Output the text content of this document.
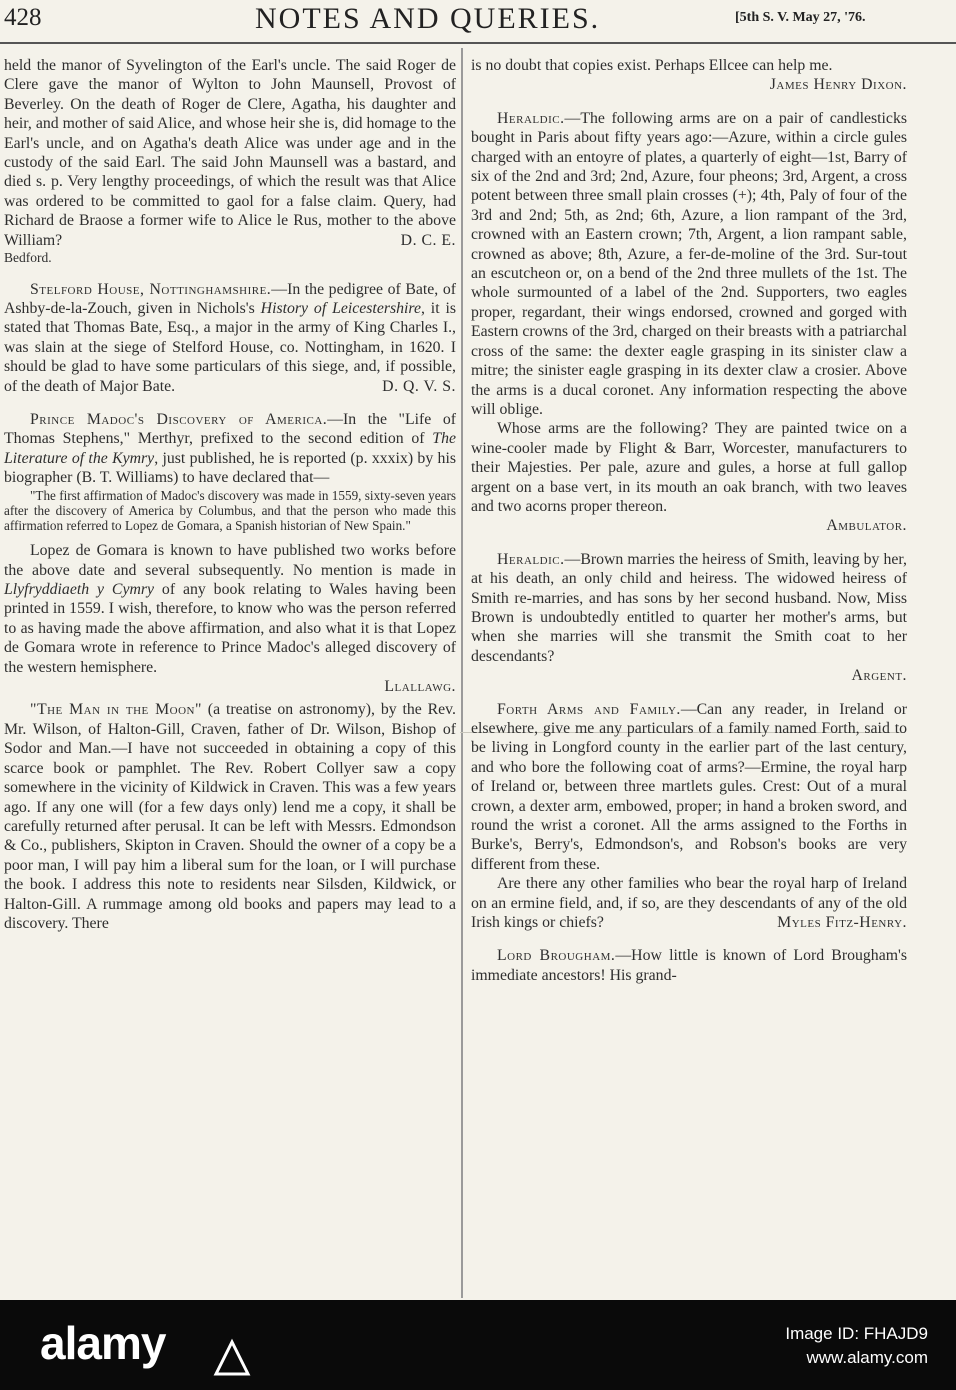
428	NOTES AND QUERIES.	[5th S. V. May 27, '76.

held the manor of Syvelington of the Earl's uncle. The said Roger de Clere gave the manor of Wylton to John Maunsell, Provost of Beverley. On the death of Roger de Clere, Agatha, his daughter and heir, and mother of said Alice, and whose heir she is, did homage to the Earl's uncle, and on Agatha's death Alice was under age and in the custody of the said Earl. The said John Maunsell was a bastard, and died s. p. Very lengthy proceedings, of which the result was that Alice was ordered to be committed to gaol for a false claim. Query, had Richard de Braose a former wife to Alice le Rus, mother to the above William?	D. C. E.

Bedford.

Stelford House, Nottinghamshire.—In the pedigree of Bate, of Ashby-de-la-Zouch, given in Nichols's History of Leicestershire, it is stated that Thomas Bate, Esq., a major in the army of King Charles I., was slain at the siege of Stelford House, co. Nottingham, in 1620. I should be glad to have some particulars of this siege, and, if possible, of the death of Major Bate.	D. Q. V. S.

Prince Madoc's Discovery of America.—In the "Life of Thomas Stephens," Merthyr, prefixed to the second edition of The Literature of the Kymry, just published, he is reported (p. xxxix) by his biographer (B. T. Williams) to have declared that—

"The first affirmation of Madoc's discovery was made in 1559, sixty-seven years after the discovery of America by Columbus, and that the person who made this affirmation referred to Lopez de Gomara, a Spanish historian of New Spain."

Lopez de Gomara is known to have published two works before the above date and several subsequently. No mention is made in Llyfryddiaeth y Cymry of any book relating to Wales having been printed in 1559. I wish, therefore, to know who was the person referred to as having made the above affirmation, and also what it is that Lopez de Gomara wrote in reference to Prince Madoc's alleged discovery of the western hemisphere.

Llallawg.

"The Man in the Moon" (a treatise on astronomy), by the Rev. Mr. Wilson, of Halton-Gill, Craven, father of Dr. Wilson, Bishop of Sodor and Man.—I have not succeeded in obtaining a copy of this scarce book or pamphlet. The Rev. Robert Collyer saw a copy somewhere in the vicinity of Kildwick in Craven. This was a few years ago. If any one will (for a few days only) lend me a copy, it shall be carefully returned after perusal. It can be left with Messrs. Edmondson & Co., publishers, Skipton in Craven. Should the owner of a copy be a poor man, I will pay him a liberal sum for the loan, or I will purchase the book. I address this note to residents near Silsden, Kildwick, or Halton-Gill. A rummage among old books and papers may lead to a discovery. There

is no doubt that copies exist. Perhaps Ellcee can help me.

James Henry Dixon.

Heraldic.—The following arms are on a pair of candlesticks bought in Paris about fifty years ago:—Azure, within a circle gules charged with an entoyre of plates, a quarterly of eight—1st, Barry of six of the 2nd and 3rd; 2nd, Azure, four pheons; 3rd, Argent, a cross potent between three small plain crosses (+); 4th, Paly of four of the 3rd and 2nd; 5th, as 2nd; 6th, Azure, a lion rampant of the 3rd, crowned with an Eastern crown; 7th, Argent, a lion rampant sable, crowned as above; 8th, Azure, a fer-de-moline of the 3rd. Sur-tout an escutcheon or, on a bend of the 2nd three mullets of the 1st. The whole surmounted of a label of the 2nd. Supporters, two eagles proper, regardant, their wings endorsed, crowned and gorged with Eastern crowns of the 3rd, charged on their breasts with a patriarchal cross of the same: the dexter eagle grasping in its sinister claw a mitre; the sinister eagle grasping in its dexter claw a crosier. Above the arms is a ducal coronet. Any information respecting the above will oblige.

Whose arms are the following? They are painted twice on a wine-cooler made by Flight & Barr, Worcester, manufacturers to their Majesties. Per pale, azure and gules, a horse at full gallop argent on a base vert, in its mouth an oak branch, with two leaves and two acorns proper thereon.

Ambulator.

Heraldic.—Brown marries the heiress of Smith, leaving by her, at his death, an only child and heiress. The widowed heiress of Smith re-marries, and has sons by her second husband. Now, Miss Brown is undoubtedly entitled to quarter her mother's arms, but when she marries will she transmit the Smith coat to her descendants?

Argent.

Forth Arms and Family.—Can any reader, in Ireland or elsewhere, give me any particulars of a family named Forth, said to be living in Longford county in the earlier part of the last century, and who bore the following coat of arms?—Ermine, the royal harp of Ireland or, between three martlets gules. Crest: Out of a mural crown, a dexter arm, embowed, proper; in hand a broken sword, and round the wrist a coronet. All the arms assigned to the Forths in Burke's, Berry's, Edmondson's, and Robson's books are very different from these.

Are there any other families who bear the royal harp of Ireland on an ermine field, and, if so, are they descendants of any of the old Irish kings or chiefs?	Myles Fitz-Henry.

Lord Brougham.—How little is known of Lord Brougham's immediate ancestors! His grand-

alamy	Image ID: FHAJD9
www.alamy.com
